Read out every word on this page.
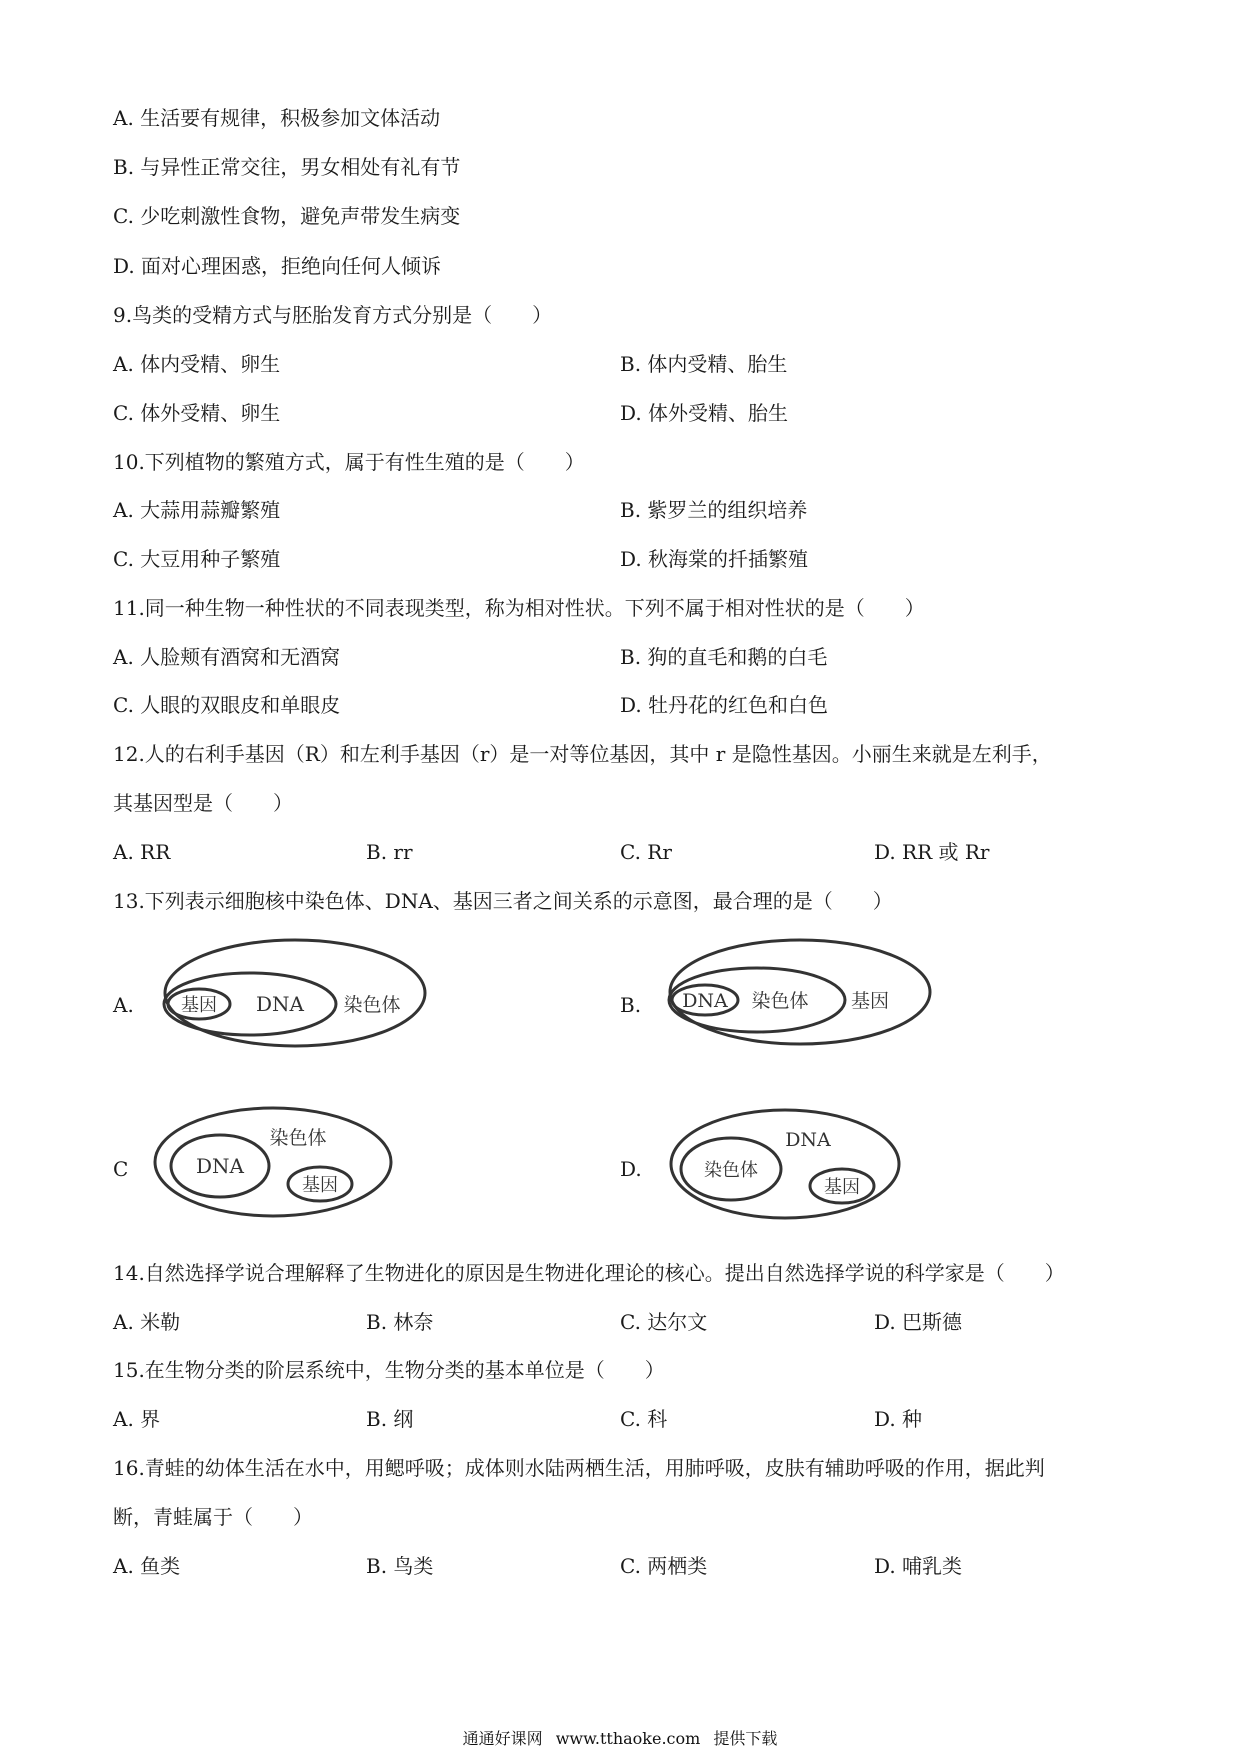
A. 生活要有规律，积极参加文体活动
B. 与异性正常交往，男女相处有礼有节
C. 少吃刺激性食物，避免声带发生病变
D. 面对心理困惑，拒绝向任何人倾诉
9.鸟类的受精方式与胚胎发育方式分别是（　　）
A. 体内受精、卵生	B. 体内受精、胎生
C. 体外受精、卵生	D. 体外受精、胎生
10.下列植物的繁殖方式，属于有性生殖的是（　　）
A. 大蒜用蒜瓣繁殖	B. 紫罗兰的组织培养
C. 大豆用种子繁殖	D. 秋海棠的扦插繁殖
11.同一种生物一种性状的不同表现类型，称为相对性状。下列不属于相对性状的是（　　）
A. 人脸颊有酒窝和无酒窝	B. 狗的直毛和鹅的白毛
C. 人眼的双眼皮和单眼皮	D. 牡丹花的红色和白色
12.人的右利手基因（R）和左利手基因（r）是一对等位基因，其中 r 是隐性基因。小丽生来就是左利手，
其基因型是（　　）
A. RR	B. rr	C. Rr	D. RR 或 Rr
13.下列表示细胞核中染色体、DNA、基因三者之间关系的示意图，最合理的是（　　）
A.	基因 DNA 染色体	B. DNA 染色体 基因
C
染色体
DNA
基因
D.
DNA
染色体
基因
14.自然选择学说合理解释了生物进化的原因是生物进化理论的核心。提出自然选择学说的科学家是（　　）
A. 米勒	B. 林奈	C. 达尔文	D. 巴斯德
15.在生物分类的阶层系统中，生物分类的基本单位是（　　）
A. 界	B. 纲	C. 科	D. 种
16.青蛙的幼体生活在水中，用鳃呼吸；成体则水陆两栖生活，用肺呼吸，皮肤有辅助呼吸的作用，据此判
断，青蛙属于（　　）
A. 鱼类	B. 鸟类	C. 两栖类	D. 哺乳类
通通好课网 www.tthaoke.com 提供下载
